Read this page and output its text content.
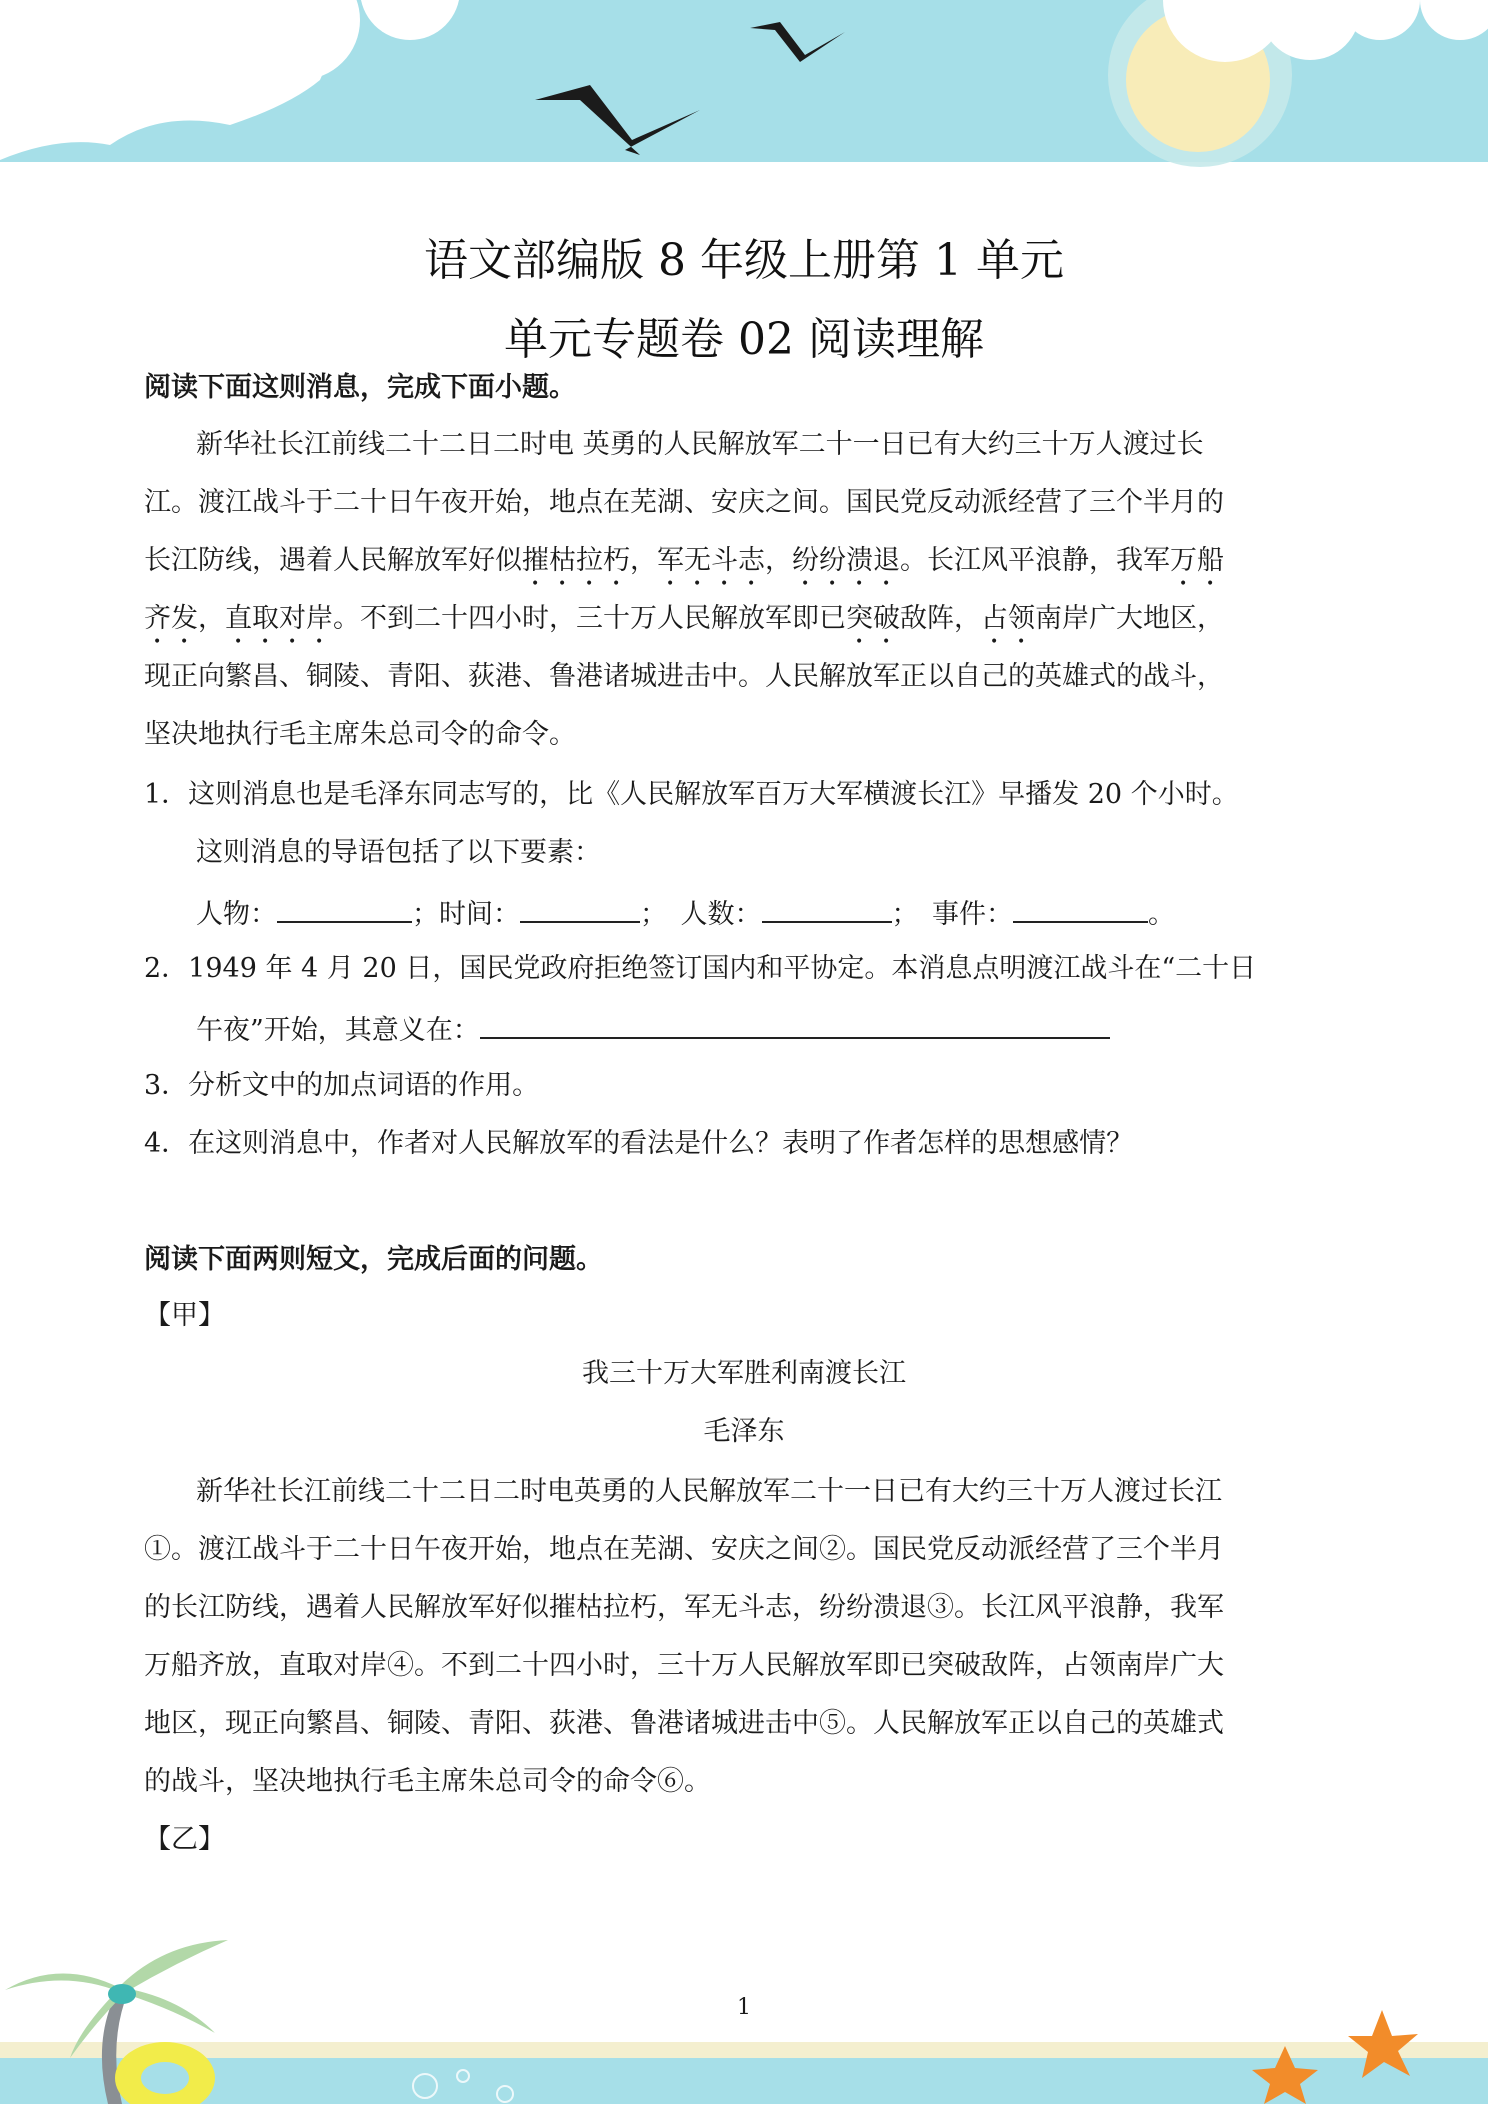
语文部编版 8 年级上册第 1 单元
单元专题卷 02 阅读理解
阅读下面这则消息，完成下面小题。
新华社长江前线二十二日二时电 英勇的人民解放军二十一日已有大约三十万人渡过长
江。渡江战斗于二十日午夜开始，地点在芜湖、安庆之间。国民党反动派经营了三个半月的
长江防线，遇着人民解放军好似摧枯拉朽，军无斗志，纷纷溃退。长江风平浪静，我军万船
齐发，直取对岸。不到二十四小时，三十万人民解放军即已突破敌阵，占领南岸广大地区，
现正向繁昌、铜陵、青阳、荻港、鲁港诸城进击中。人民解放军正以自己的英雄式的战斗，
坚决地执行毛主席朱总司令的命令。
1．这则消息也是毛泽东同志写的，比《人民解放军百万大军横渡长江》早播发 20 个小时。
这则消息的导语包括了以下要素：
人物：	；时间：	；　人数：	；　事件：	。
2．1949 年 4 月 20 日，国民党政府拒绝签订国内和平协定。本消息点明渡江战斗在“二十日
午夜”开始，其意义在：
3．分析文中的加点词语的作用。
4．在这则消息中，作者对人民解放军的看法是什么？表明了作者怎样的思想感情？
阅读下面两则短文，完成后面的问题。
【甲】
我三十万大军胜利南渡长江
毛泽东
新华社长江前线二十二日二时电英勇的人民解放军二十一日已有大约三十万人渡过长江
①。渡江战斗于二十日午夜开始，地点在芜湖、安庆之间②。国民党反动派经营了三个半月
的长江防线，遇着人民解放军好似摧枯拉朽，军无斗志，纷纷溃退③。长江风平浪静，我军
万船齐放，直取对岸④。不到二十四小时，三十万人民解放军即已突破敌阵，占领南岸广大
地区，现正向繁昌、铜陵、青阳、荻港、鲁港诸城进击中⑤。人民解放军正以自己的英雄式
的战斗，坚决地执行毛主席朱总司令的命令⑥。
【乙】
1
